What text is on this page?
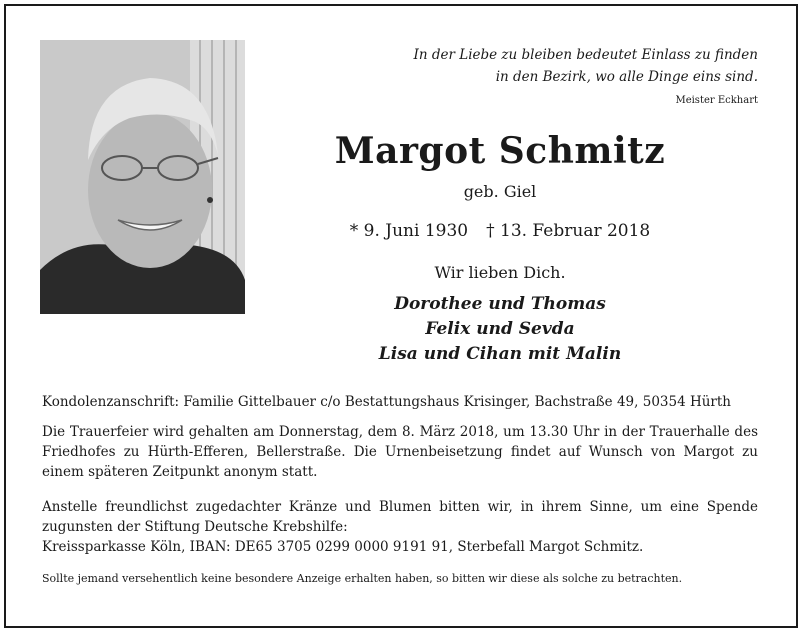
In der Liebe zu bleiben bedeutet Einlass zu finden
in den Bezirk, wo alle Dinge eins sind.
Meister Eckhart
Margot Schmitz
geb. Giel
* 9. Juni 1930 † 13. Februar 2018
Wir lieben Dich.
Dorothee und Thomas
Felix und Sevda
Lisa und Cihan mit Malin
Kondolenzanschrift: Familie Gittelbauer c/o Bestattungshaus Krisinger, Bachstraße 49, 50354 Hürth
Die Trauerfeier wird gehalten am Donnerstag, dem 8. März 2018, um 13.30 Uhr in der Trauerhalle des Friedhofes zu Hürth-Efferen, Bellerstraße. Die Urnenbeisetzung findet auf Wunsch von Margot zu einem späteren Zeitpunkt anonym statt.
Anstelle freundlichst zugedachter Kränze und Blumen bitten wir, in ihrem Sinne, um eine Spende zugunsten der Stiftung Deutsche Krebshilfe:
Kreissparkasse Köln, IBAN: DE65 3705 0299 0000 9191 91, Sterbefall Margot Schmitz.
Sollte jemand versehentlich keine besondere Anzeige erhalten haben, so bitten wir diese als solche zu betrachten.
